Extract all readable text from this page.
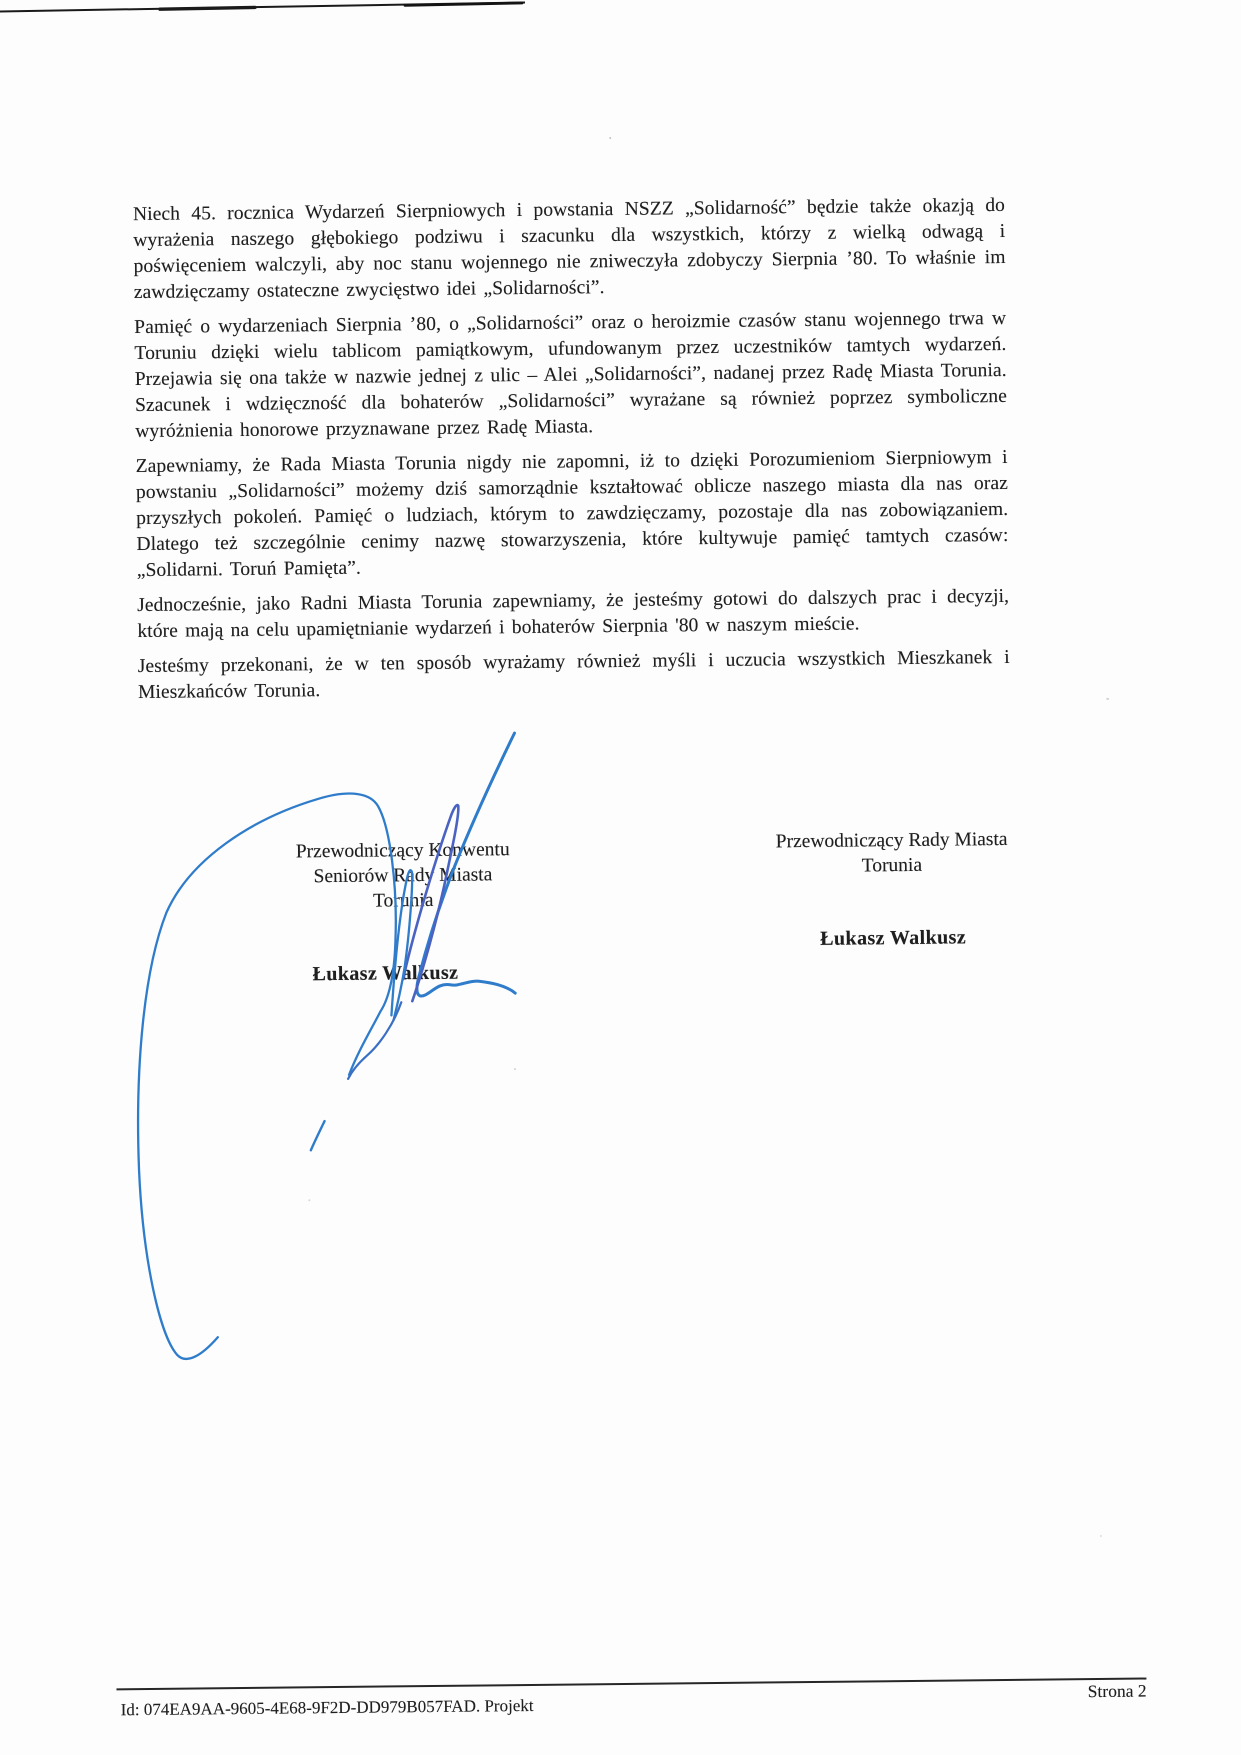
Niech 45. rocznica Wydarzeń Sierpniowych i powstania NSZZ „Solidarność” będzie także okazją do wyrażenia naszego głębokiego podziwu i szacunku dla wszystkich, którzy z wielką odwagą i poświęceniem walczyli, aby noc stanu wojennego nie zniweczyła zdobyczy Sierpnia ’80. To właśnie im zawdzięczamy ostateczne zwycięstwo idei „Solidarności”.

Pamięć o wydarzeniach Sierpnia ’80, o „Solidarności” oraz o heroizmie czasów stanu wojennego trwa w Toruniu dzięki wielu tablicom pamiątkowym, ufundowanym przez uczestników tamtych wydarzeń. Przejawia się ona także w nazwie jednej z ulic – Alei „Solidarności”, nadanej przez Radę Miasta Torunia. Szacunek i wdzięczność dla bohaterów „Solidarności” wyrażane są również poprzez symboliczne wyróżnienia honorowe przyznawane przez Radę Miasta.

Zapewniamy, że Rada Miasta Torunia nigdy nie zapomni, iż to dzięki Porozumieniom Sierpniowym i powstaniu „Solidarności” możemy dziś samorządnie kształtować oblicze naszego miasta dla nas oraz przyszłych pokoleń. Pamięć o ludziach, którym to zawdzięczamy, pozostaje dla nas zobowiązaniem. Dlatego też szczególnie cenimy nazwę stowarzyszenia, które kultywuje pamięć tamtych czasów: „Solidarni. Toruń Pamięta”.

Jednocześnie, jako Radni Miasta Torunia zapewniamy, że jesteśmy gotowi do dalszych prac i decyzji, które mają na celu upamiętnianie wydarzeń i bohaterów Sierpnia '80 w naszym mieście.

Jesteśmy przekonani, że w ten sposób wyrażamy również myśli i uczucia wszystkich Mieszkanek i Mieszkańców Torunia.

Przewodniczący Konwentu
Seniorów Rady Miasta
Torunia
Łukasz Walkusz
Przewodniczący Rady Miasta
Torunia
Łukasz Walkusz
Id: 074EA9AA-9605-4E68-9F2D-DD979B057FAD. Projekt
Strona 2
